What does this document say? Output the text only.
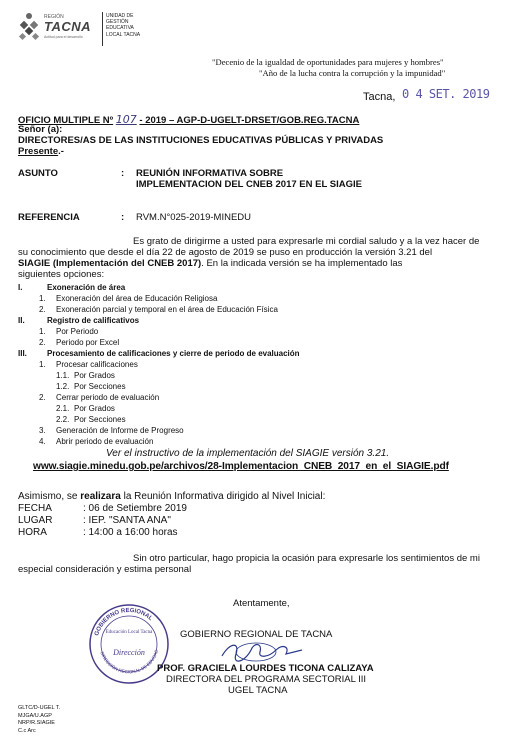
REGIÓN
TACNA
Actitud para el desarrollo
UNIDAD DE
GESTIÓN
EDUCATIVA
LOCAL TACNA
"Decenio de la igualdad de oportunidades para mujeres y hombres"
"Año de la lucha contra la corrupción y la impunidad"
Tacna, 0 4 SET. 2019
OFICIO MULTIPLE Nº 107 - 2019 – AGP-D-UGELT-DRSET/GOB.REG.TACNA
Señor (a):
DIRECTORES/AS DE LAS INSTITUCIONES EDUCATIVAS PÚBLICAS Y PRIVADAS
Presente.-
ASUNTO	: REUNIÓN INFORMATIVA SOBRE
IMPLEMENTACION DEL CNEB 2017 EN EL SIAGIE
REFERENCIA	: RVM.N°025-2019-MINEDU
Es grato de dirigirme a usted para expresarle mi cordial saludo y a la vez hacer de
su conocimiento que desde el día 22 de agosto de 2019 se puso en producción la versión 3.21 del
SIAGIE (Implementación del CNEB 2017). En la indicada versión se ha implementado las
siguientes opciones:
I.	Exoneración de área
1. Exoneración del área de Educación Religiosa
2. Exoneración parcial y temporal en el área de Educación Física
II.	Registro de calificativos
1. Por Periodo
2. Periodo por Excel
III.	Procesamiento de calificaciones y cierre de periodo de evaluación
1. Procesar calificaciones
1.1. Por Grados
1.2. Por Secciones
2. Cerrar periodo de evaluación
2.1. Por Grados
2.2. Por Secciones
3. Generación de Informe de Progreso
4. Abrir periodo de evaluación
Ver el instructivo de la implementación del SIAGIE versión 3.21.
www.siagie.minedu.gob.pe/archivos/28-Implementacion_CNEB_2017_en_el_SIAGIE.pdf
Asimismo, se realizara la Reunión Informativa dirigido al Nivel Inicial:
FECHA	: 06 de Setiembre 2019
LUGAR	: IEP. "SANTA ANA"
HORA	: 14:00 a 16:00 horas
Sin otro particular, hago propicia la ocasión para expresarle los sentimientos de mi
especial consideración y estima personal
Atentamente,
GOBIERNO REGIONAL
DIRECCIÓN REGIONAL DE EDUCAC
Educación Local Tacna
Dirección
GOBIERNO REGIONAL DE TACNA
PROF. GRACIELA LOURDES TICONA CALIZAYA
DIRECTORA DEL PROGRAMA SECTORIAL III
UGEL TACNA
GLTC/D-UGEL T.
MJGA/U.AGP
NRP/R.SIAGIE
C.c Arc
